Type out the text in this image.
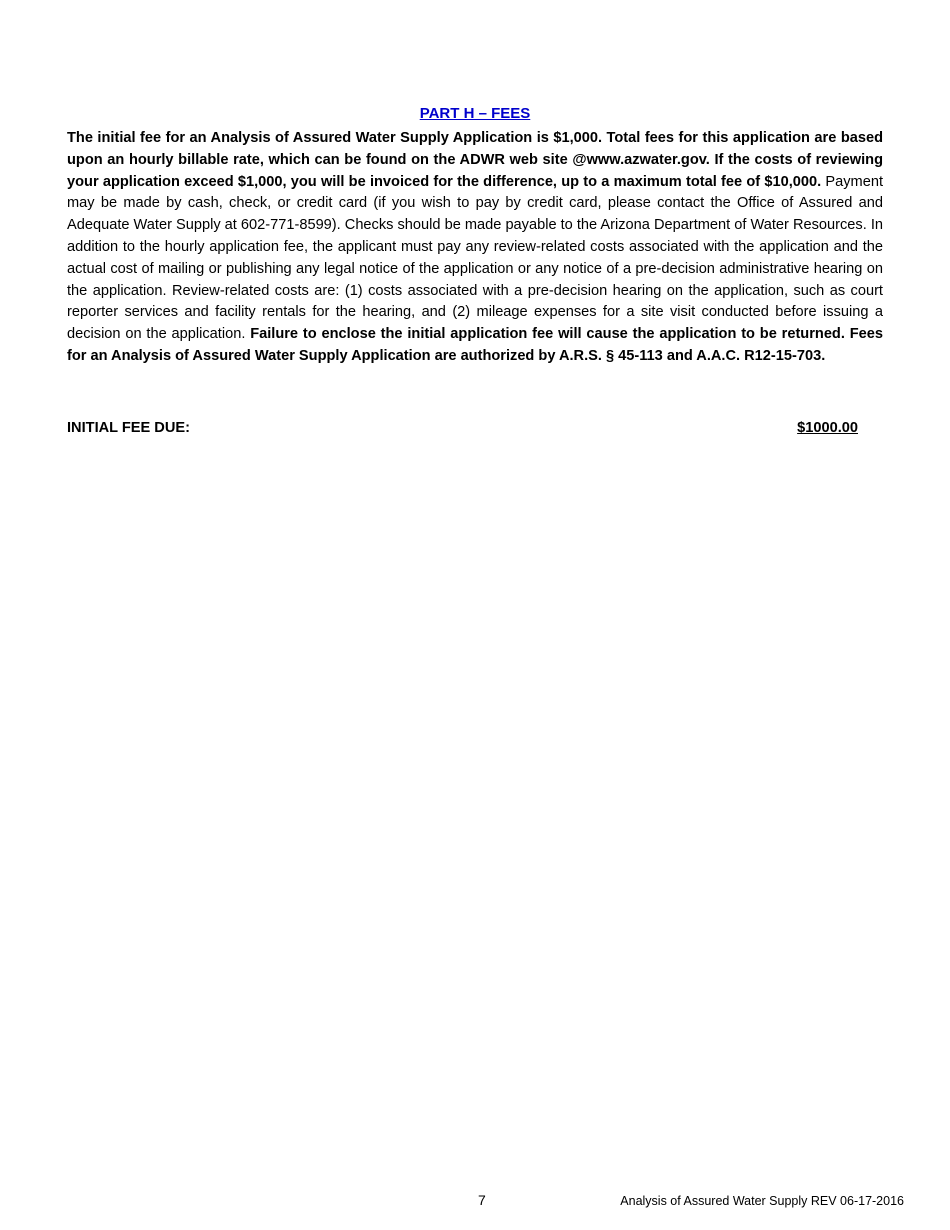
PART H – FEES

The initial fee for an Analysis of Assured Water Supply Application is $1,000. Total fees for this application are based upon an hourly billable rate, which can be found on the ADWR web site @www.azwater.gov. If the costs of reviewing your application exceed $1,000, you will be invoiced for the difference, up to a maximum total fee of $10,000. Payment may be made by cash, check, or credit card (if you wish to pay by credit card, please contact the Office of Assured and Adequate Water Supply at 602-771-8599). Checks should be made payable to the Arizona Department of Water Resources. In addition to the hourly application fee, the applicant must pay any review-related costs associated with the application and the actual cost of mailing or publishing any legal notice of the application or any notice of a pre-decision administrative hearing on the application. Review-related costs are: (1) costs associated with a pre-decision hearing on the application, such as court reporter services and facility rentals for the hearing, and (2) mileage expenses for a site visit conducted before issuing a decision on the application. Failure to enclose the initial application fee will cause the application to be returned. Fees for an Analysis of Assured Water Supply Application are authorized by A.R.S. § 45-113 and A.A.C. R12-15-703.

INITIAL FEE DUE:	$1000.00
7	Analysis of Assured Water Supply REV 06-17-2016
